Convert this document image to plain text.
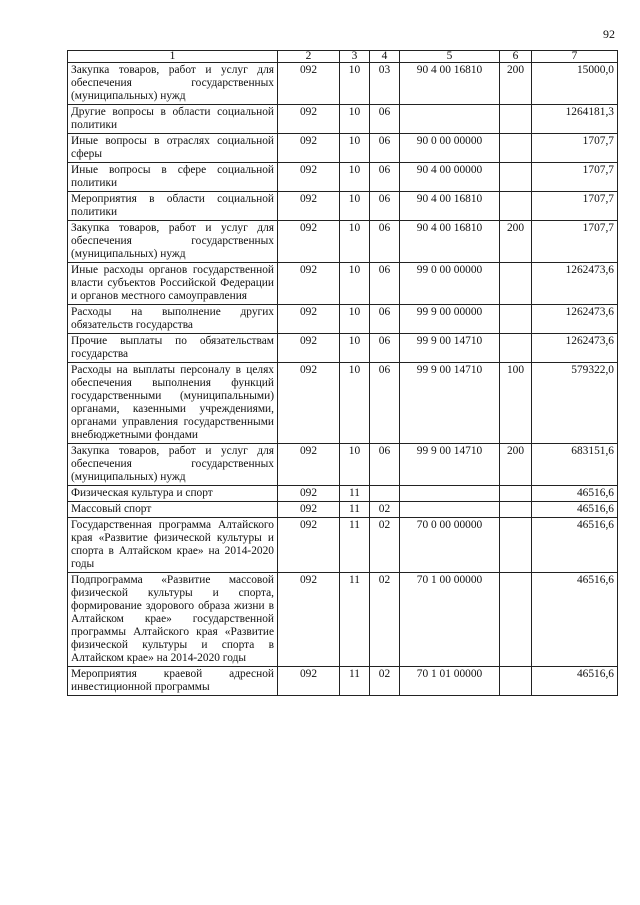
92
1	2	3	4	5	6	7
Закупка товаров, работ и услуг для обеспечения государственных (муниципальных) нужд	092	10	03	90 4 00 16810	200	15000,0
Другие вопросы в области социальной политики	092	10	06			1264181,3
Иные вопросы в отраслях социальной сферы	092	10	06	90 0 00 00000		1707,7
Иные вопросы в сфере социальной политики	092	10	06	90 4 00 00000		1707,7
Мероприятия в области социальной политики	092	10	06	90 4 00 16810		1707,7
Закупка товаров, работ и услуг для обеспечения государственных (муниципальных) нужд	092	10	06	90 4 00 16810	200	1707,7
Иные расходы органов государственной власти субъектов Российской Федерации и органов местного самоуправления	092	10	06	99 0 00 00000		1262473,6
Расходы на выполнение других обязательств государства	092	10	06	99 9 00 00000		1262473,6
Прочие выплаты по обязательствам государства	092	10	06	99 9 00 14710		1262473,6
Расходы на выплаты персоналу в целях обеспечения выполнения функций государственными (муниципальными) органами, казенными учреждениями, органами управления государственными внебюджетными фондами	092	10	06	99 9 00 14710	100	579322,0
Закупка товаров, работ и услуг для обеспечения государственных (муниципальных) нужд	092	10	06	99 9 00 14710	200	683151,6
Физическая культура и спорт	092	11				46516,6
Массовый спорт	092	11	02			46516,6
Государственная программа Алтайского края «Развитие физической культуры и спорта в Алтайском крае» на 2014-2020 годы	092	11	02	70 0 00 00000		46516,6
Подпрограмма «Развитие массовой физической культуры и спорта, формирование здорового образа жизни в Алтайском крае» государственной программы Алтайского края «Развитие физической культуры и спорта в Алтайском крае» на 2014-2020 годы	092	11	02	70 1 00 00000		46516,6
Мероприятия краевой адресной инвестиционной программы	092	11	02	70 1 01 00000		46516,6
